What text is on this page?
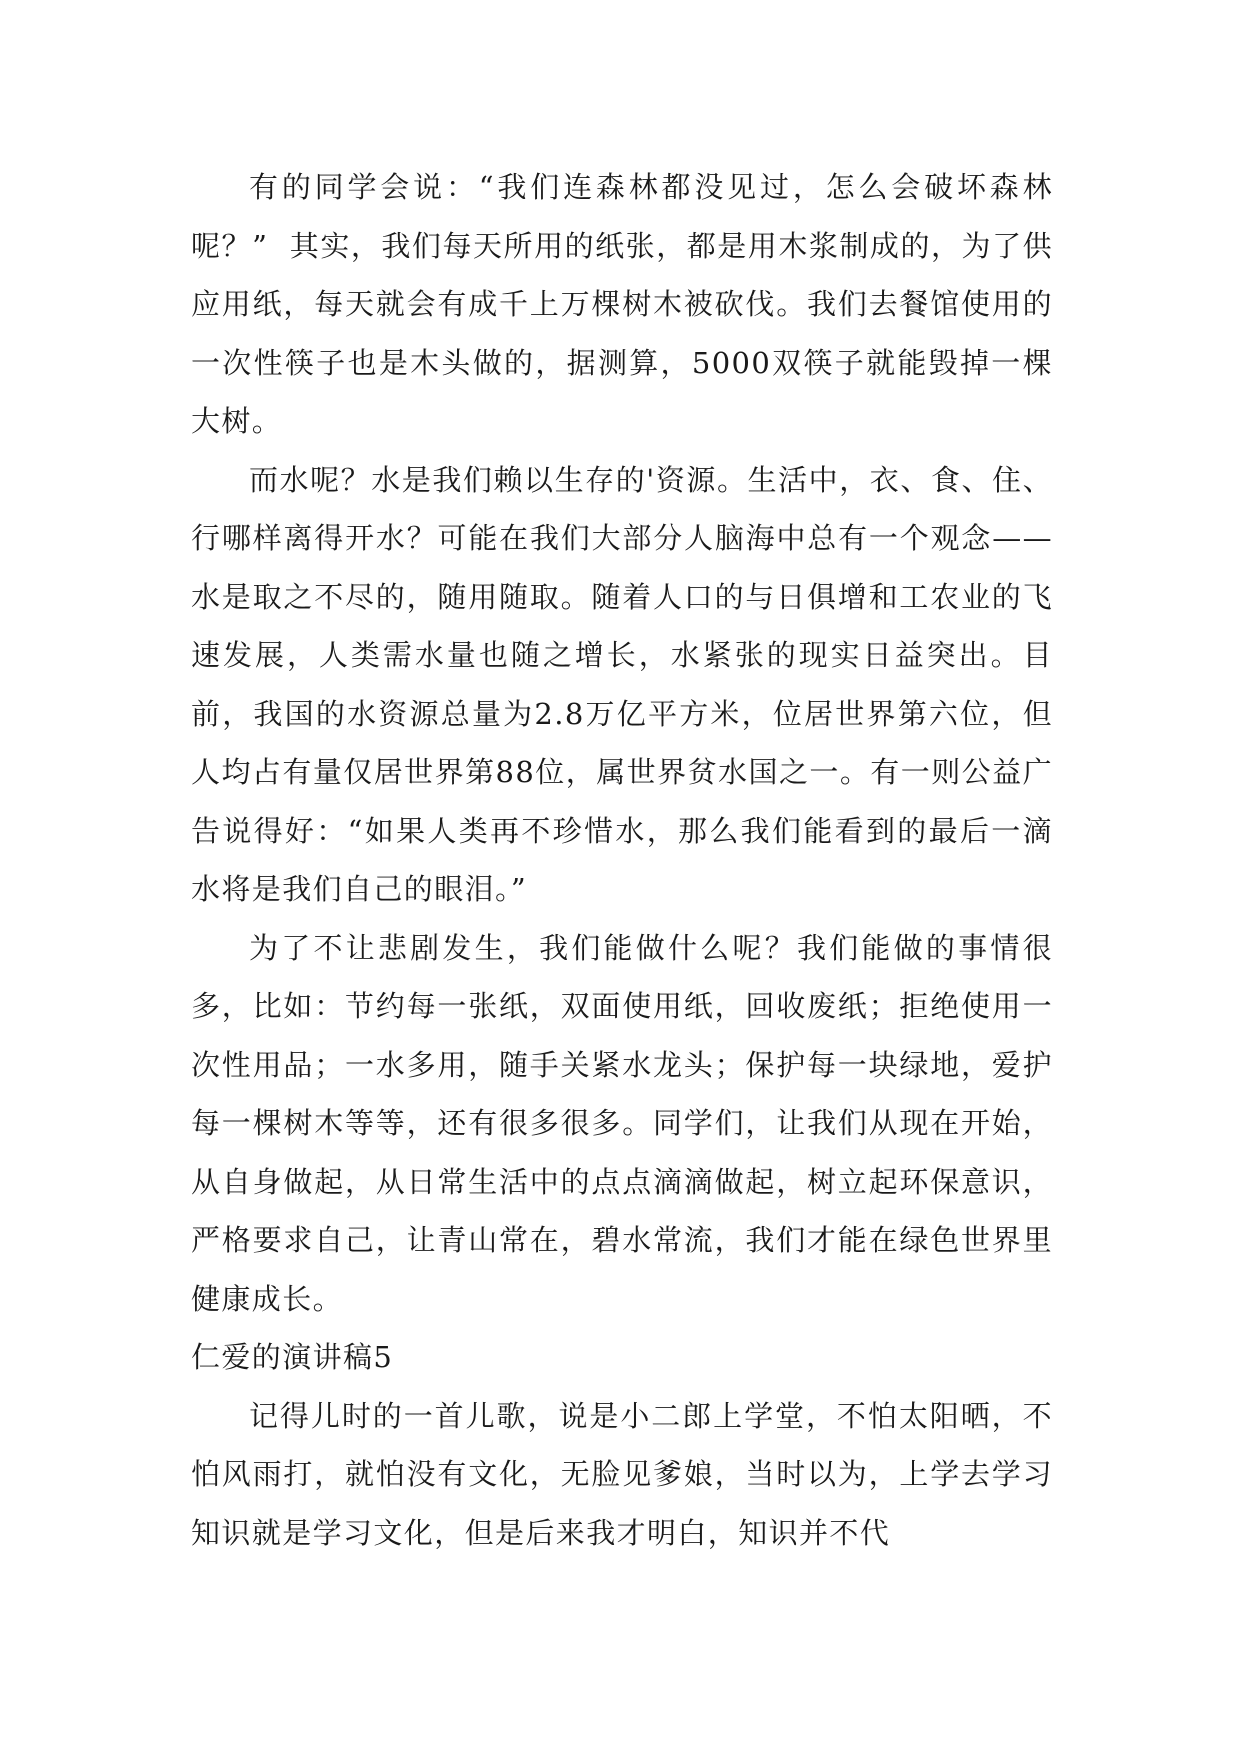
有的同学会说：“我们连森林都没见过，怎么会破坏森林呢？”  其实，我们每天所用的纸张，都是用木浆制成的，为了供应用纸，每天就会有成千上万棵树木被砍伐。我们去餐馆使用的一次性筷子也是木头做的，据测算，5000双筷子就能毁掉一棵大树。

而水呢？水是我们赖以生存的'资源。生活中，衣、食、住、行哪样离得开水？可能在我们大部分人脑海中总有一个观念——水是取之不尽的，随用随取。随着人口的与日俱增和工农业的飞速发展，人类需水量也随之增长，水紧张的现实日益突出。目前，我国的水资源总量为2.8万亿平方米，位居世界第六位，但人均占有量仅居世界第88位，属世界贫水国之一。有一则公益广告说得好：“如果人类再不珍惜水，那么我们能看到的最后一滴水将是我们自己的眼泪。”

为了不让悲剧发生，我们能做什么呢？我们能做的事情很多，比如：节约每一张纸，双面使用纸，回收废纸；拒绝使用一次性用品；一水多用，随手关紧水龙头；保护每一块绿地，爱护每一棵树木等等，还有很多很多。同学们，让我们从现在开始，从自身做起，从日常生活中的点点滴滴做起，树立起环保意识，严格要求自己，让青山常在，碧水常流，我们才能在绿色世界里健康成长。

仁爱的演讲稿5

记得儿时的一首儿歌，说是小二郎上学堂，不怕太阳晒，不怕风雨打，就怕没有文化，无脸见爹娘，当时以为，上学去学习知识就是学习文化，但是后来我才明白，知识并不代
